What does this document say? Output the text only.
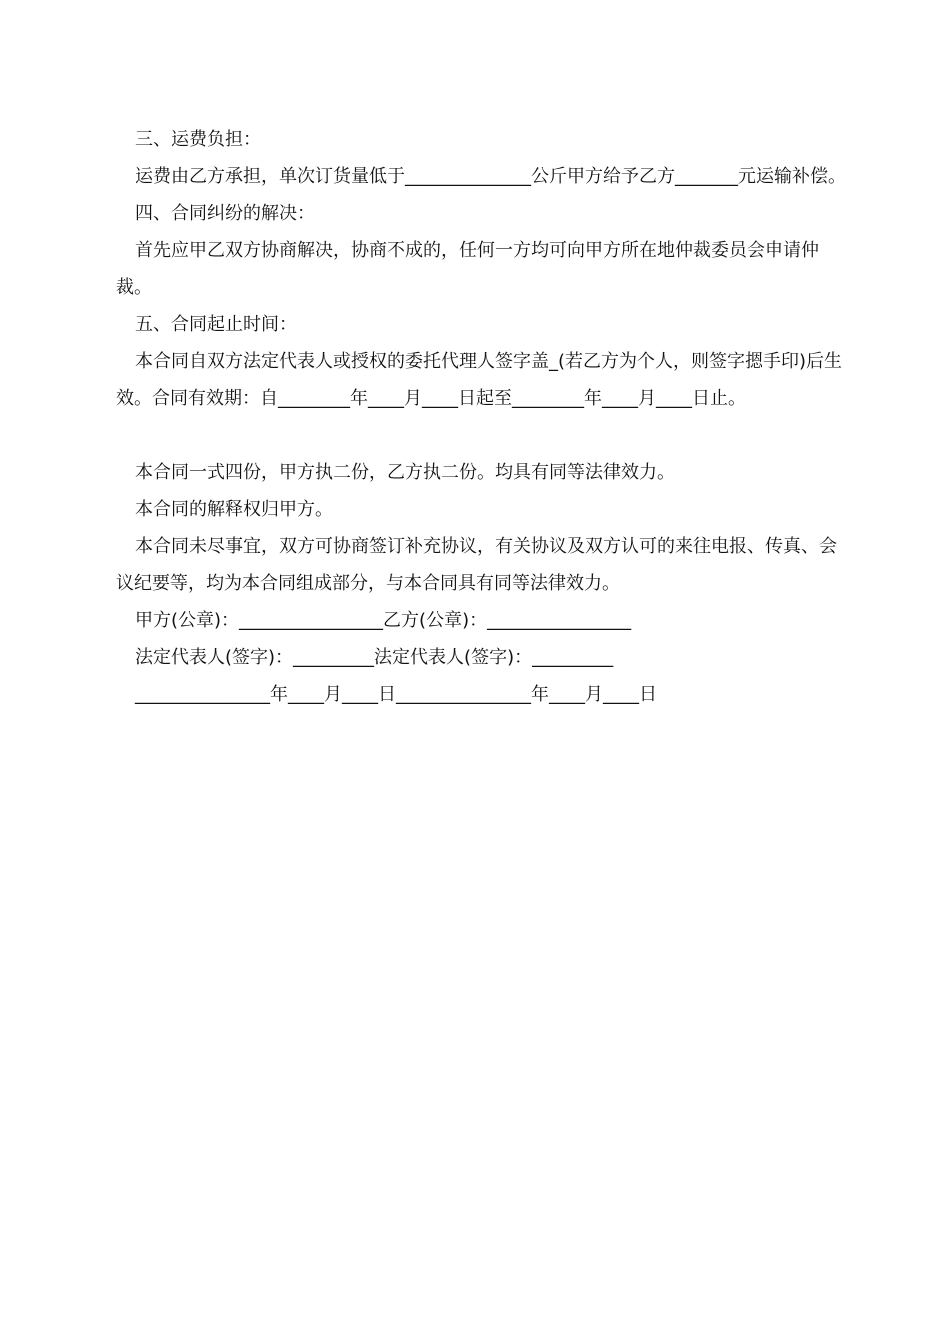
三、运费负担：

运费由乙方承担，单次订货量低于______________公斤甲方给予乙方_______元运输补偿。

四、合同纠纷的解决：

首先应甲乙双方协商解决，协商不成的，任何一方均可向甲方所在地仲裁委员会申请仲裁。

五、合同起止时间：

本合同自双方法定代表人或授权的委托代理人签字盖_(若乙方为个人，则签字摁手印)后生效。合同有效期：自________年____月____日起至________年____月____日止。

本合同一式四份，甲方执二份，乙方执二份。均具有同等法律效力。

本合同的解释权归甲方。

本合同未尽事宜，双方可协商签订补充协议，有关协议及双方认可的来往电报、传真、会议纪要等，均为本合同组成部分，与本合同具有同等法律效力。

甲方(公章)：________________乙方(公章)：________________

法定代表人(签字)：_________法定代表人(签字)：_________

_______________年____月____日_______________年____月____日
